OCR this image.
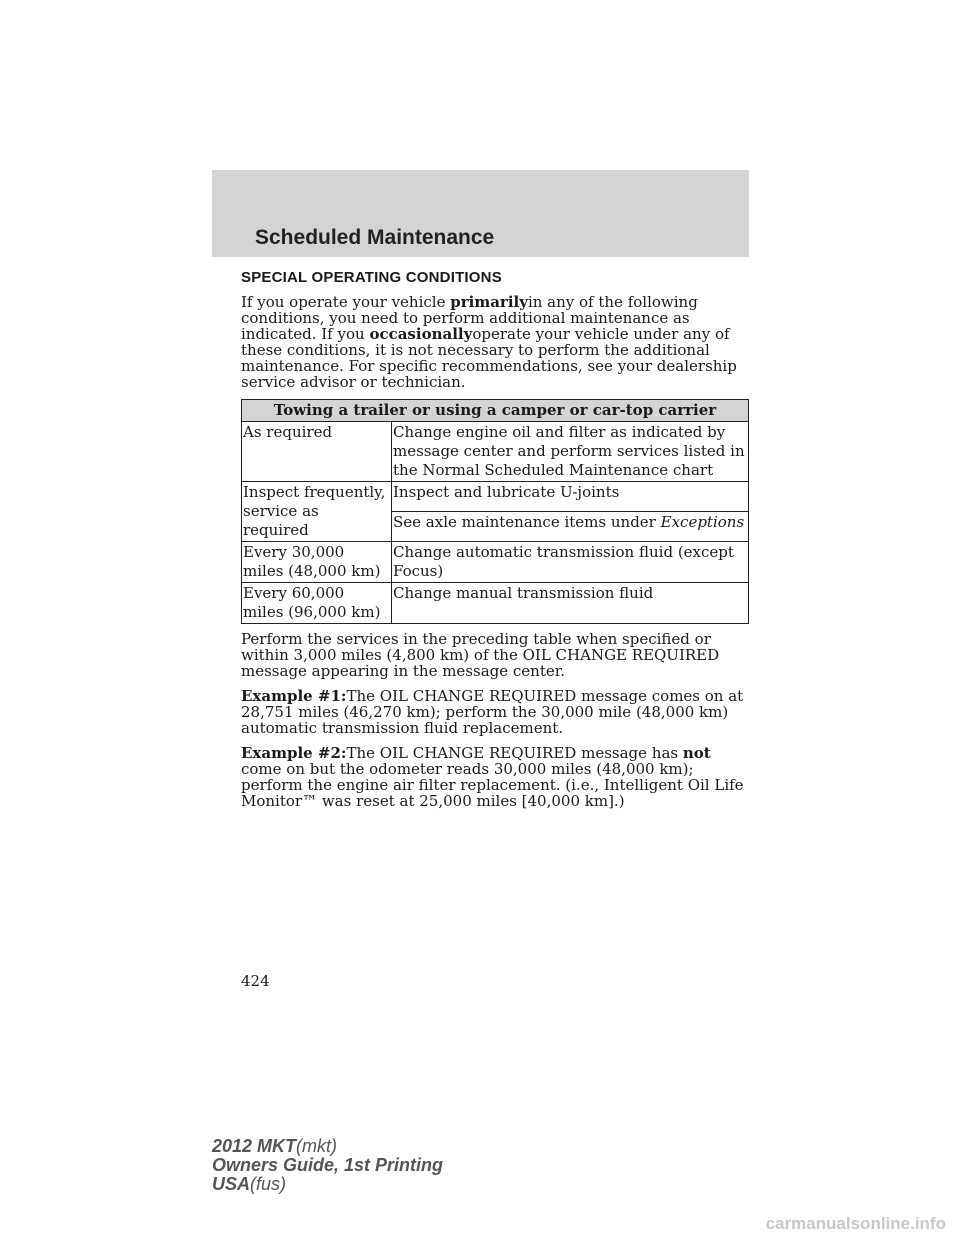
Scheduled Maintenance
SPECIAL OPERATING CONDITIONS

If you operate your vehicle primarilyin any of the following conditions, you need to perform additional maintenance as indicated. If you occasionallyoperate your vehicle under any of these conditions, it is not necessary to perform the additional maintenance. For specific recommendations, see your dealership service advisor or technician.

Towing a trailer or using a camper or car-top carrier	
As required	Change engine oil and filter as indicated by message center and perform services listed in the Normal Scheduled Maintenance chart
Inspect frequently, service as required	Inspect and lubricate U-joints
	See axle maintenance items under Exceptions
Every 30,000 miles (48,000 km)	Change automatic transmission fluid (except Focus)
Every 60,000 miles (96,000 km)	Change manual transmission fluid

Perform the services in the preceding table when specified or within 3,000 miles (4,800 km) of the OIL CHANGE REQUIRED message appearing in the message center.

Example #1:The OIL CHANGE REQUIRED message comes on at 28,751 miles (46,270 km); perform the 30,000 mile (48,000 km) automatic transmission fluid replacement.

Example #2:The OIL CHANGE REQUIRED message has not come on but the odometer reads 30,000 miles (48,000 km); perform the engine air filter replacement. (i.e., Intelligent Oil Life Monitor™ was reset at 25,000 miles [40,000 km].)

424
2012 MKT(mkt)
Owners Guide, 1st Printing
USA(fus)
carmanualsonline.info
